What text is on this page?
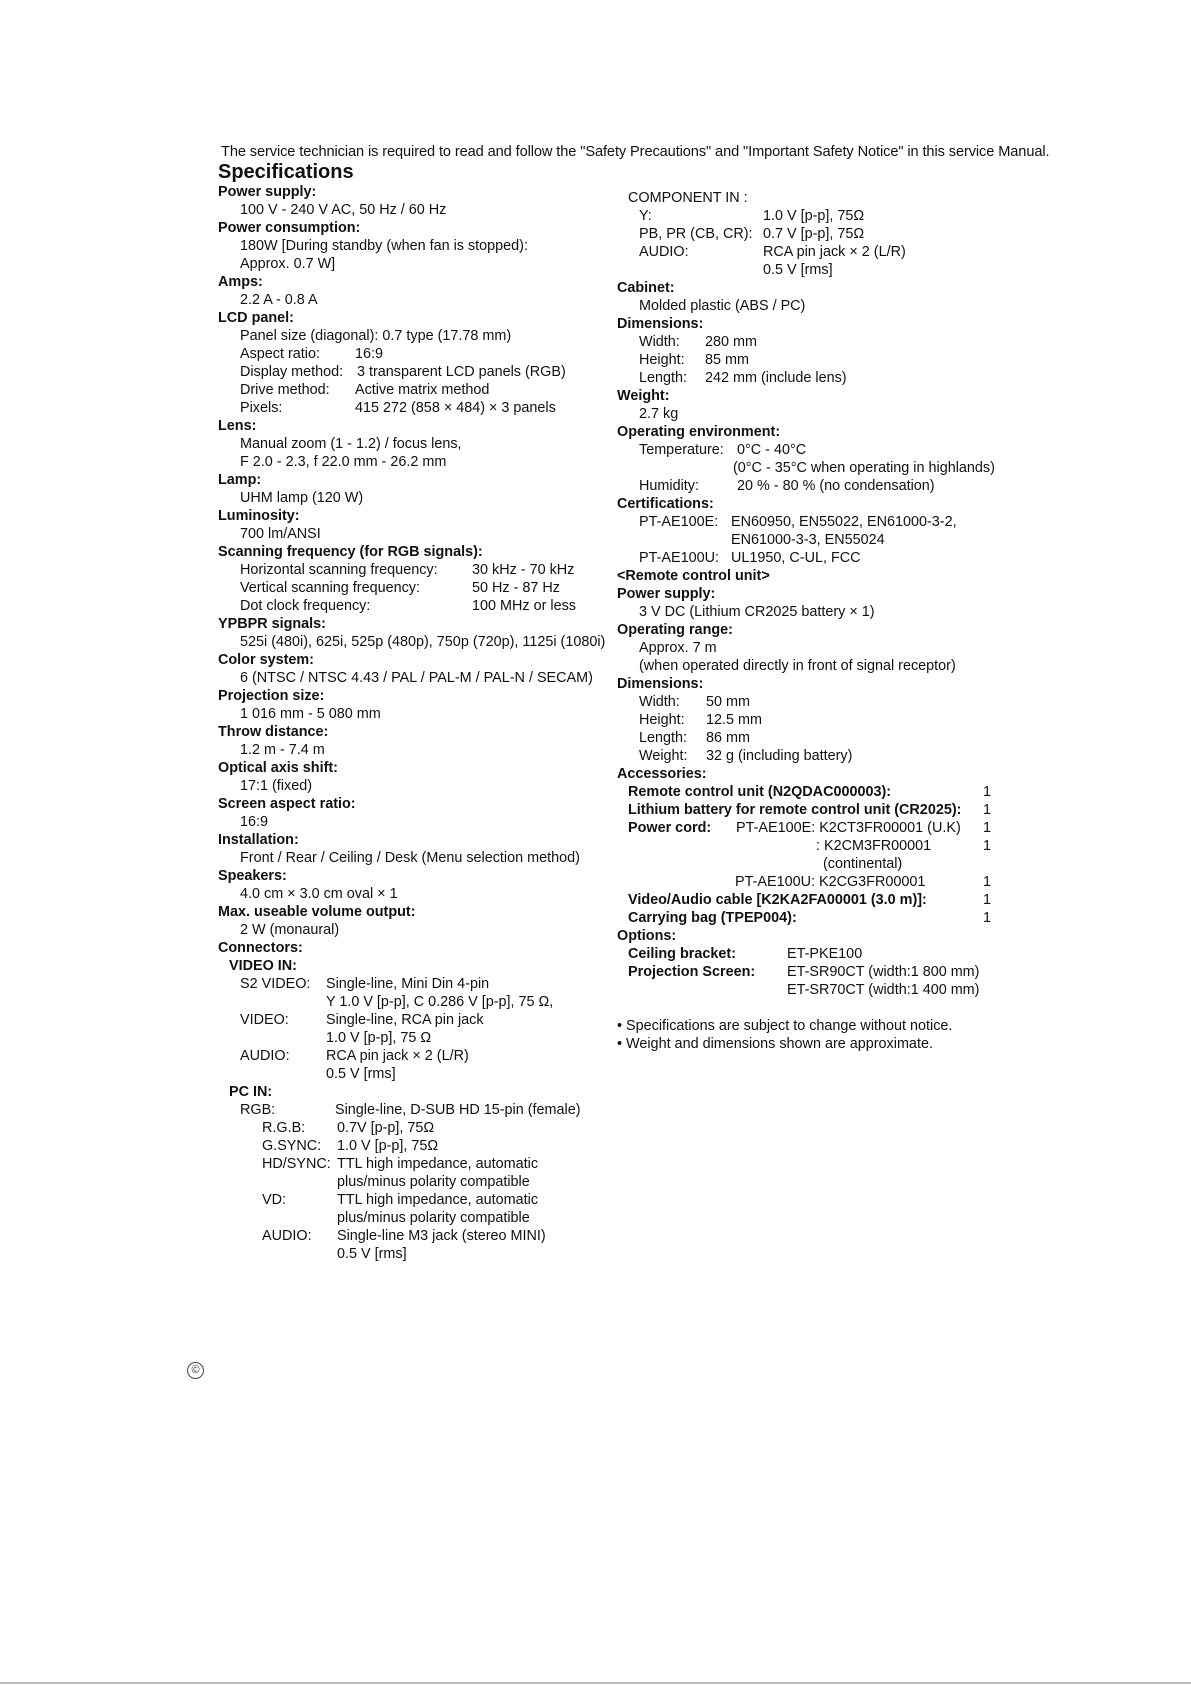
The service technician is required to read and follow the "Safety Precautions" and "Important Safety Notice" in this service Manual.
Specifications
Power supply:
100 V - 240 V AC, 50 Hz / 60 Hz
Power consumption:
180W [During standby (when fan is stopped):
Approx. 0.7 W]
Amps:
2.2 A - 0.8 A
LCD panel:
Panel size (diagonal): 0.7 type (17.78 mm)
Aspect ratio: 16:9
Display method: 3 transparent LCD panels (RGB)
Drive method: Active matrix method
Pixels:	415 272 (858 × 484) × 3 panels
Lens:
Manual zoom (1 - 1.2) / focus lens,
F 2.0 - 2.3, f 22.0 mm - 26.2 mm
Lamp:
UHM lamp (120 W)
Luminosity:
700 lm/ANSI
Scanning frequency (for RGB signals):
Horizontal scanning frequency: 30 kHz - 70 kHz
Vertical scanning frequency:	50 Hz - 87 Hz
Dot clock frequency:	100 MHz or less
YPBPR signals:
525i (480i), 625i, 525p (480p), 750p (720p), 1125i (1080i)
Color system:
6 (NTSC / NTSC 4.43 / PAL / PAL-M / PAL-N / SECAM)
Projection size:
1 016 mm - 5 080 mm
Throw distance:
1.2 m - 7.4 m
Optical axis shift:
17:1 (fixed)
Screen aspect ratio:
16:9
Installation:
Front / Rear / Ceiling / Desk (Menu selection method)
Speakers:
4.0 cm × 3.0 cm oval × 1
Max. useable volume output:
2 W (monaural)
Connectors:
VIDEO IN:
S2 VIDEO: Single-line, Mini Din 4-pin
Y 1.0 V [p-p], C 0.286 V [p-p], 75 Ω,
VIDEO:	Single-line, RCA pin jack
1.0 V [p-p], 75 Ω
AUDIO:	RCA pin jack × 2 (L/R)
0.5 V [rms]
PC IN:
RGB:	Single-line, D-SUB HD 15-pin (female)
R.G.B: 0.7V [p-p], 75Ω
G.SYNC: 1.0 V [p-p], 75Ω
HD/SYNC: TTL high impedance, automatic
plus/minus polarity compatible
VD:	TTL high impedance, automatic
plus/minus polarity compatible
AUDIO: Single-line M3 jack (stereo MINI)
0.5 V [rms]
COMPONENT IN :
Y:	1.0 V [p-p], 75Ω
PB, PR (CB, CR): 0.7 V [p-p], 75Ω
AUDIO:	RCA pin jack × 2 (L/R)
0.5 V [rms]
Cabinet:
Molded plastic (ABS / PC)
Dimensions:
Width: 280 mm
Height: 85 mm
Length: 242 mm (include lens)
Weight:
2.7 kg
Operating environment:
Temperature: 0°C - 40°C
(0°C - 35°C when operating in highlands)
Humidity:	20 % - 80 % (no condensation)
Certifications:
PT-AE100E: EN60950, EN55022, EN61000-3-2,
EN61000-3-3, EN55024
PT-AE100U: UL1950, C-UL, FCC
<Remote control unit>
Power supply:
3 V DC (Lithium CR2025 battery × 1)
Operating range:
Approx. 7 m
(when operated directly in front of signal receptor)
Dimensions:
Width: 50 mm
Height: 12.5 mm
Length: 86 mm
Weight: 32 g (including battery)
Accessories:
Remote control unit (N2QDAC000003):	1
Lithium battery for remote control unit (CR2025): 1
Power cord: PT-AE100E: K2CT3FR00001 (U.K) 1
: K2CM3FR00001	1
(continental)
PT-AE100U: K2CG3FR00001	1
Video/Audio cable [K2KA2FA00001 (3.0 m)]:	1
Carrying bag (TPEP004):	1
Options:
Ceiling bracket:	ET-PKE100
Projection Screen: ET-SR90CT (width:1 800 mm)
ET-SR70CT (width:1 400 mm)
• Specifications are subject to change without notice.
• Weight and dimensions shown are approximate.
©
